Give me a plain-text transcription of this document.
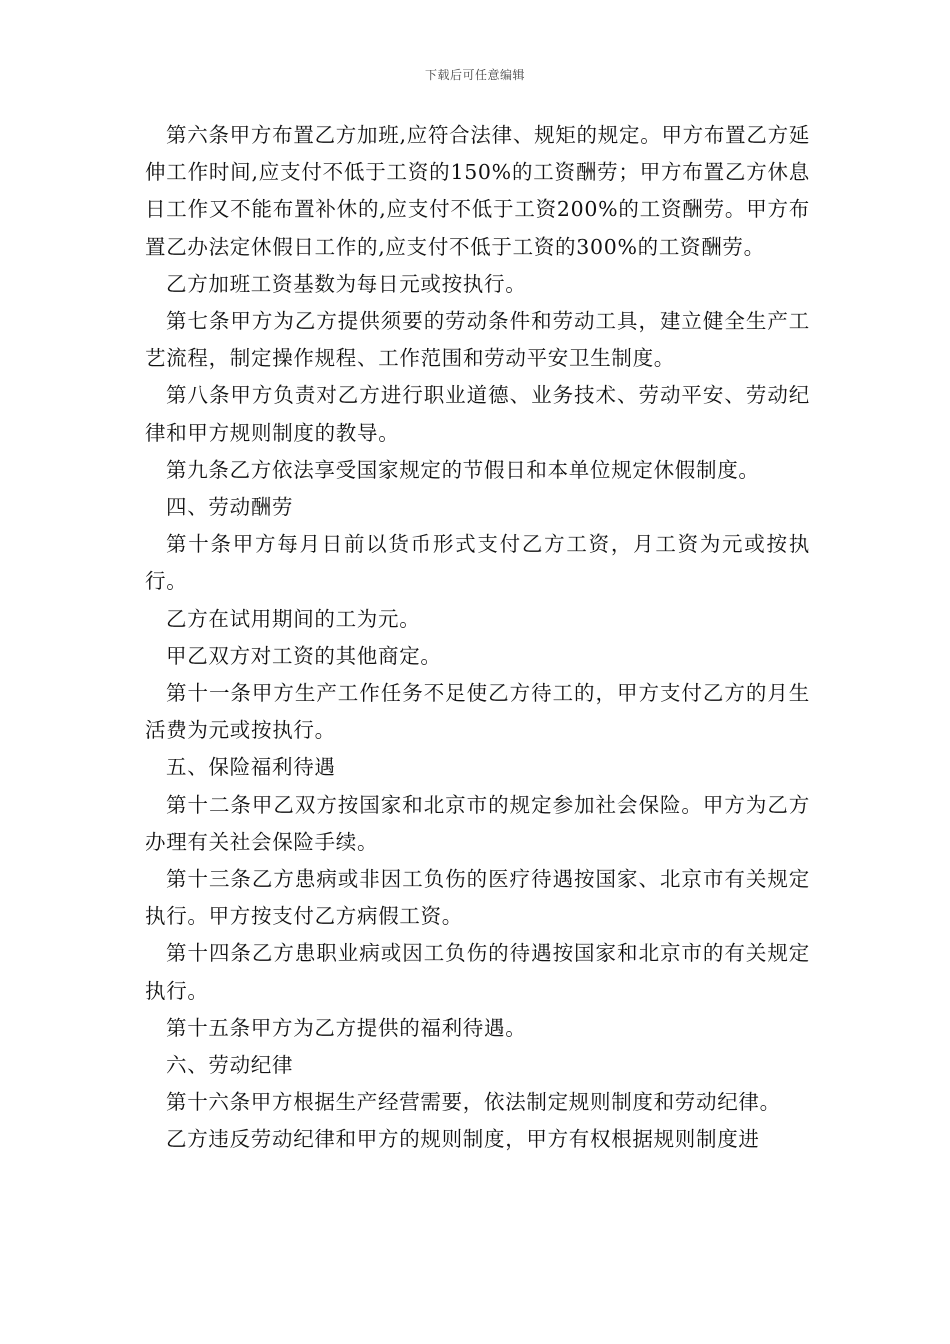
下载后可任意编辑

第六条甲方布置乙方加班,应符合法律、规矩的规定。甲方布置乙方延伸工作时间,应支付不低于工资的150%的工资酬劳；甲方布置乙方休息日工作又不能布置补休的,应支付不低于工资200%的工资酬劳。甲方布置乙办法定休假日工作的,应支付不低于工资的300%的工资酬劳。

乙方加班工资基数为每日元或按执行。

第七条甲方为乙方提供须要的劳动条件和劳动工具，建立健全生产工艺流程，制定操作规程、工作范围和劳动平安卫生制度。

第八条甲方负责对乙方进行职业道德、业务技术、劳动平安、劳动纪律和甲方规则制度的教导。

第九条乙方依法享受国家规定的节假日和本单位规定休假制度。

四、劳动酬劳

第十条甲方每月日前以货币形式支付乙方工资，月工资为元或按执行。

乙方在试用期间的工为元。

甲乙双方对工资的其他商定。

第十一条甲方生产工作任务不足使乙方待工的，甲方支付乙方的月生活费为元或按执行。

五、保险福利待遇

第十二条甲乙双方按国家和北京市的规定参加社会保险。甲方为乙方办理有关社会保险手续。

第十三条乙方患病或非因工负伤的医疗待遇按国家、北京市有关规定执行。甲方按支付乙方病假工资。

第十四条乙方患职业病或因工负伤的待遇按国家和北京市的有关规定执行。

第十五条甲方为乙方提供的福利待遇。

六、劳动纪律

第十六条甲方根据生产经营需要，依法制定规则制度和劳动纪律。

乙方违反劳动纪律和甲方的规则制度，甲方有权根据规则制度进
